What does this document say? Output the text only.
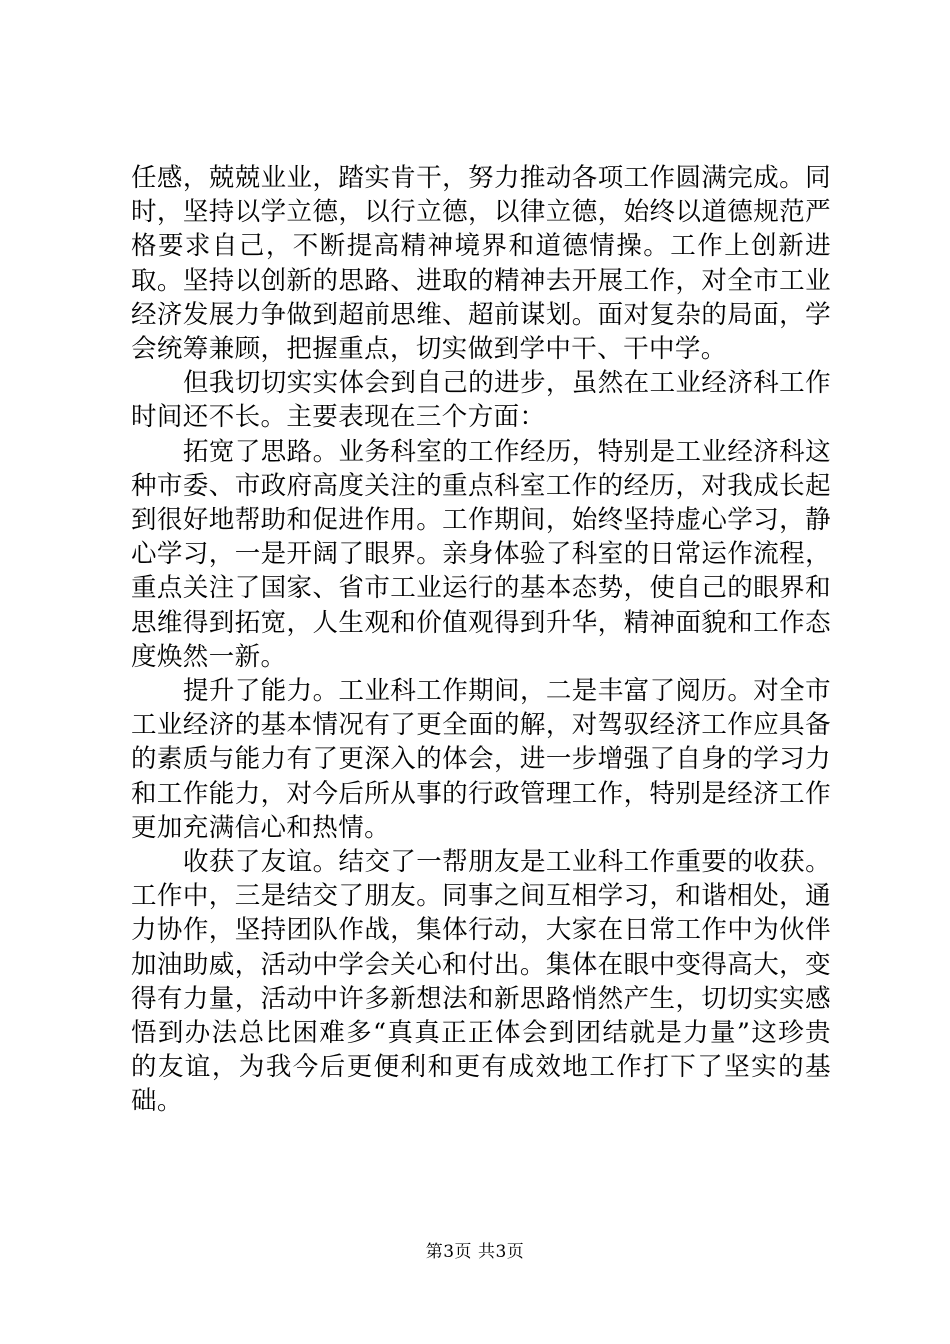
任感，兢兢业业，踏实肯干，努力推动各项工作圆满完成。同时，坚持以学立德，以行立德，以律立德，始终以道德规范严格要求自己，不断提高精神境界和道德情操。工作上创新进取。坚持以创新的思路、进取的精神去开展工作，对全市工业经济发展力争做到超前思维、超前谋划。面对复杂的局面，学会统筹兼顾，把握重点，切实做到学中干、干中学。

但我切切实实体会到自己的进步，虽然在工业经济科工作时间还不长。主要表现在三个方面：

拓宽了思路。业务科室的工作经历，特别是工业经济科这种市委、市政府高度关注的重点科室工作的经历，对我成长起到很好地帮助和促进作用。工作期间，始终坚持虚心学习，静心学习，一是开阔了眼界。亲身体验了科室的日常运作流程，重点关注了国家、省市工业运行的基本态势，使自己的眼界和思维得到拓宽，人生观和价值观得到升华，精神面貌和工作态度焕然一新。

提升了能力。工业科工作期间，二是丰富了阅历。对全市工业经济的基本情况有了更全面的解，对驾驭经济工作应具备的素质与能力有了更深入的体会，进一步增强了自身的学习力和工作能力，对今后所从事的行政管理工作，特别是经济工作更加充满信心和热情。

收获了友谊。结交了一帮朋友是工业科工作重要的收获。工作中，三是结交了朋友。同事之间互相学习，和谐相处，通力协作，坚持团队作战，集体行动，大家在日常工作中为伙伴加油助威，活动中学会关心和付出。集体在眼中变得高大，变得有力量，活动中许多新想法和新思路悄然产生，切切实实感悟到办法总比困难多“真真正正体会到团结就是力量”这珍贵的友谊，为我今后更便利和更有成效地工作打下了坚实的基础。

第3页 共3页
